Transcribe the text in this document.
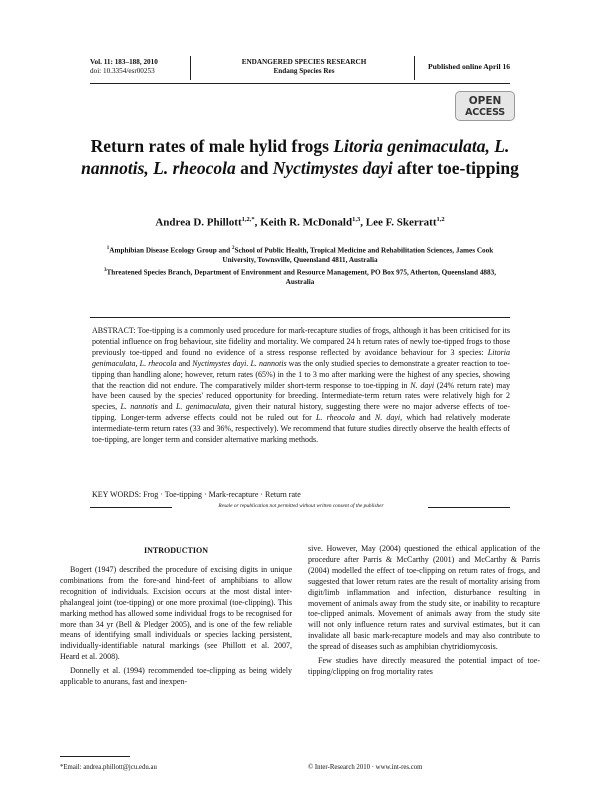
Vol. 11: 183–188, 2010
doi: 10.3354/esr00253
ENDANGERED SPECIES RESEARCH
Endang Species Res	Published online April 16
OPEN
ACCESS
Return rates of male hylid frogs Litoria genimaculata, L. nannotis, L. rheocola and Nyctimystes dayi after toe-tipping
Andrea D. Phillott$^{1,2,*}$, Keith R. McDonald$^{1,3}$, Lee F. Skerratt$^{1,2}$
$^1$Amphibian Disease Ecology Group and $^2$School of Public Health, Tropical Medicine and Rehabilitation Sciences, James Cook University, Townsville, Queensland 4811, Australia
$^3$Threatened Species Branch, Department of Environment and Resource Management, PO Box 975, Atherton, Queensland 4883, Australia
ABSTRACT: Toe-tipping is a commonly used procedure for mark-recapture studies of frogs, although it has been criticised for its potential influence on frog behaviour, site fidelity and mortality. We compared 24 h return rates of newly toe-tipped frogs to those previously toe-tipped and found no evidence of a stress response reflected by avoidance behaviour for 3 species: Litoria genimaculata, L. rheocola and Nyctimystes dayi. L. nannotis was the only studied species to demonstrate a greater reaction to toe-tipping than handling alone; however, return rates (65%) in the 1 to 3 mo after marking were the highest of any species, showing that the reaction did not endure. The comparatively milder short-term response to toe-tipping in N. dayi (24% return rate) may have been caused by the species' reduced opportunity for breeding. Intermediate-term return rates were relatively high for 2 species, L. nannotis and L. genimaculata, given their natural history, suggesting there were no major adverse effects of toe-tipping. Longer-term adverse effects could not be ruled out for L. rheocola and N. dayi, which had relatively moderate intermediate-term return rates (33 and 36%, respectively). We recommend that future studies directly observe the health effects of toe-tipping, are longer term and consider alternative marking methods.
KEY WORDS: Frog · Toe-tipping · Mark-recapture · Return rate
Resale or republication not permitted without written consent of the publisher
INTRODUCTION

Bogert (1947) described the procedure of excising digits in unique combinations from the fore-and hind-feet of amphibians to allow recognition of individuals. Excision occurs at the most distal inter-phalangeal joint (toe-tipping) or one more proximal (toe-clipping). This marking method has allowed some individual frogs to be recognised for more than 34 yr (Bell & Pledger 2005), and is one of the few reliable means of identifying small individuals or species lacking persistent, individually-identifiable natural markings (see Phillott et al. 2007, Heard et al. 2008).

Donnelly et al. (1994) recommended toe-clipping as being widely applicable to anurans, fast and inexpen-

sive. However, May (2004) questioned the ethical application of the procedure after Parris & McCarthy (2001) and McCarthy & Parris (2004) modelled the effect of toe-clipping on return rates of frogs, and suggested that lower return rates are the result of mortality arising from digit/limb inflammation and infection, disturbance resulting in movement of animals away from the study site, or inability to recapture toe-clipped animals. Movement of animals away from the study site will not only influence return rates and survival estimates, but it can invalidate all basic mark-recapture models and may also contribute to the spread of diseases such as amphibian chytridiomycosis.

Few studies have directly measured the potential impact of toe-tipping/clipping on frog mortality rates

*Email: andrea.phillott@jcu.edu.au	© Inter-Research 2010 · www.int-res.com
